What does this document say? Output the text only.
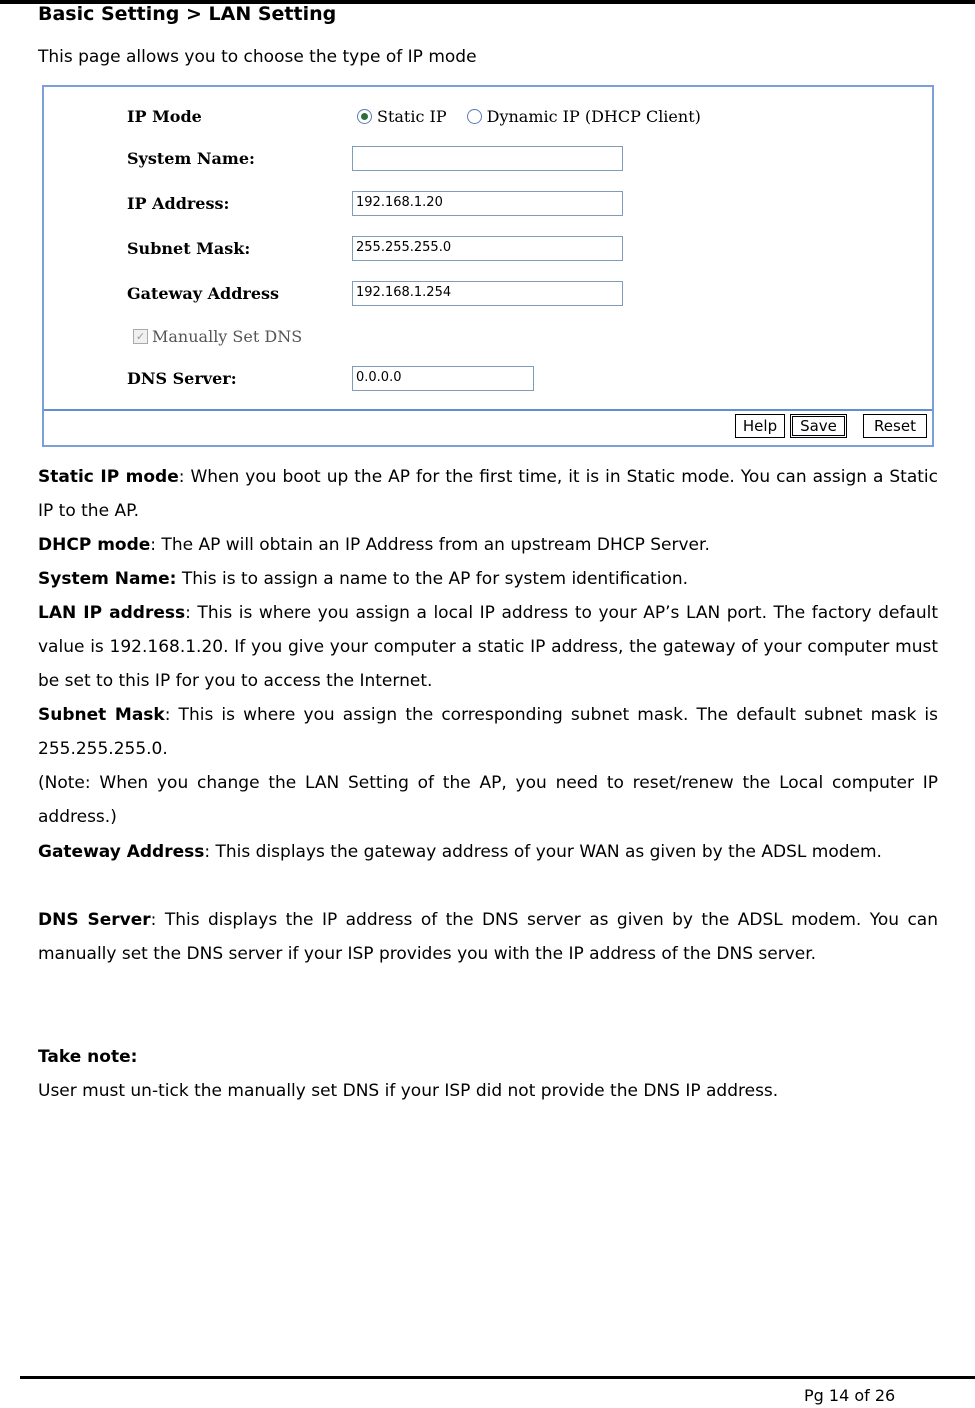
Basic Setting > LAN Setting

This page allows you to choose the type of IP mode

IP Mode	Static IP	Dynamic IP (DHCP Client)
System Name:
IP Address:	192.168.1.20
Subnet Mask:	255.255.255.0
Gateway Address	192.168.1.254
✓ Manually Set DNS
DNS Server:	0.0.0.0
Help	Save	Reset

Static IP mode: When you boot up the AP for the first time, it is in Static mode. You can assign a Static IP to the AP.

DHCP mode: The AP will obtain an IP Address from an upstream DHCP Server.

System Name: This is to assign a name to the AP for system identification.

LAN IP address: This is where you assign a local IP address to your AP’s LAN port. The factory default value is 192.168.1.20. If you give your computer a static IP address, the gateway of your computer must be set to this IP for you to access the Internet.

Subnet Mask: This is where you assign the corresponding subnet mask. The default subnet mask is 255.255.255.0.

(Note: When you change the LAN Setting of the AP, you need to reset/renew the Local computer IP address.)

Gateway Address: This displays the gateway address of your WAN as given by the ADSL modem.

DNS Server: This displays the IP address of the DNS server as given by the ADSL modem. You can manually set the DNS server if your ISP provides you with the IP address of the DNS server.

Take note:

User must un-tick the manually set DNS if your ISP did not provide the DNS IP address.

Pg 14 of 26
